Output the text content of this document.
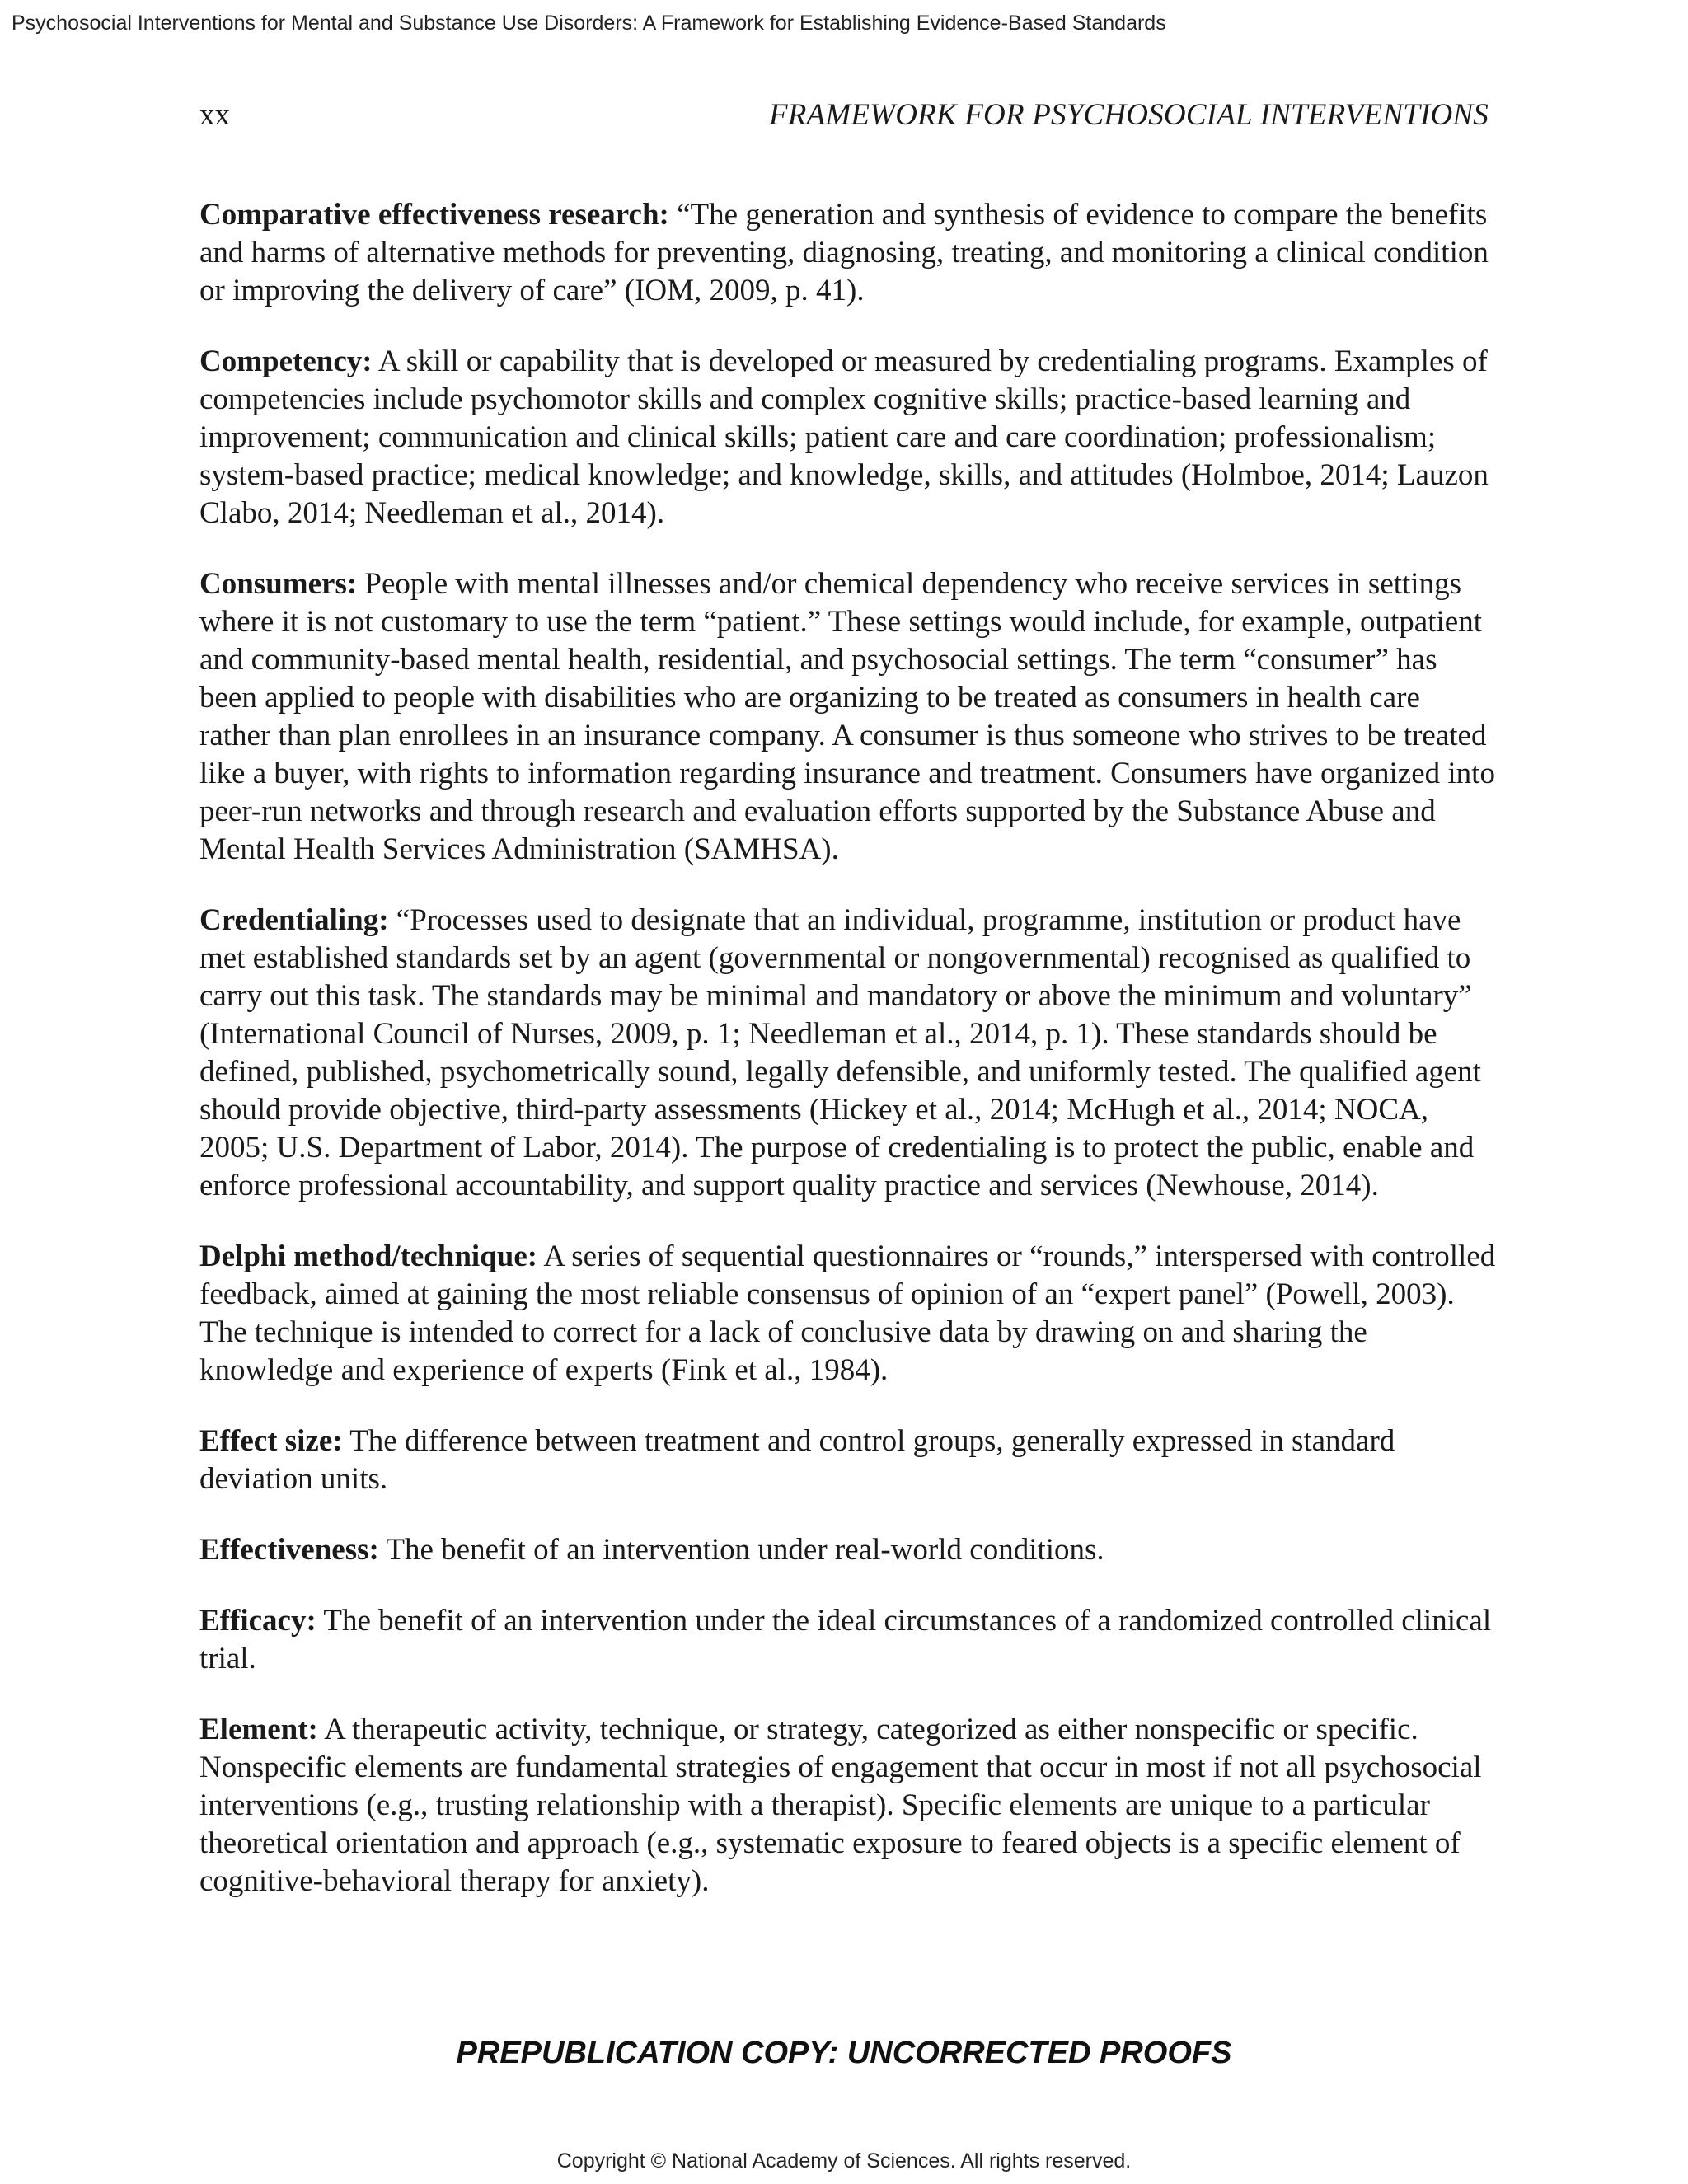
Psychosocial Interventions for Mental and Substance Use Disorders: A Framework for Establishing Evidence-Based Standards
xx	FRAMEWORK FOR PSYCHOSOCIAL INTERVENTIONS

Comparative effectiveness research: “The generation and synthesis of evidence to compare the benefits and harms of alternative methods for preventing, diagnosing, treating, and monitoring a clinical condition or improving the delivery of care” (IOM, 2009, p. 41).

Competency: A skill or capability that is developed or measured by credentialing programs. Examples of competencies include psychomotor skills and complex cognitive skills; practice-based learning and improvement; communication and clinical skills; patient care and care coordination; professionalism; system-based practice; medical knowledge; and knowledge, skills, and attitudes (Holmboe, 2014; Lauzon Clabo, 2014; Needleman et al., 2014).

Consumers: People with mental illnesses and/or chemical dependency who receive services in settings where it is not customary to use the term “patient.” These settings would include, for example, outpatient and community-based mental health, residential, and psychosocial settings. The term “consumer” has been applied to people with disabilities who are organizing to be treated as consumers in health care rather than plan enrollees in an insurance company. A consumer is thus someone who strives to be treated like a buyer, with rights to information regarding insurance and treatment. Consumers have organized into peer-run networks and through research and evaluation efforts supported by the Substance Abuse and Mental Health Services Administration (SAMHSA).

Credentialing: “Processes used to designate that an individual, programme, institution or product have met established standards set by an agent (governmental or nongovernmental) recognised as qualified to carry out this task. The standards may be minimal and mandatory or above the minimum and voluntary” (International Council of Nurses, 2009, p. 1; Needleman et al., 2014, p. 1). These standards should be defined, published, psychometrically sound, legally defensible, and uniformly tested. The qualified agent should provide objective, third-party assessments (Hickey et al., 2014; McHugh et al., 2014; NOCA, 2005; U.S. Department of Labor, 2014). The purpose of credentialing is to protect the public, enable and enforce professional accountability, and support quality practice and services (Newhouse, 2014).

Delphi method/technique: A series of sequential questionnaires or “rounds,” interspersed with controlled feedback, aimed at gaining the most reliable consensus of opinion of an “expert panel” (Powell, 2003). The technique is intended to correct for a lack of conclusive data by drawing on and sharing the knowledge and experience of experts (Fink et al., 1984).

Effect size: The difference between treatment and control groups, generally expressed in standard deviation units.

Effectiveness: The benefit of an intervention under real-world conditions.

Efficacy: The benefit of an intervention under the ideal circumstances of a randomized controlled clinical trial.

Element: A therapeutic activity, technique, or strategy, categorized as either nonspecific or specific. Nonspecific elements are fundamental strategies of engagement that occur in most if not all psychosocial interventions (e.g., trusting relationship with a therapist). Specific elements are unique to a particular theoretical orientation and approach (e.g., systematic exposure to feared objects is a specific element of cognitive-behavioral therapy for anxiety).

PREPUBLICATION COPY: UNCORRECTED PROOFS
Copyright © National Academy of Sciences. All rights reserved.
